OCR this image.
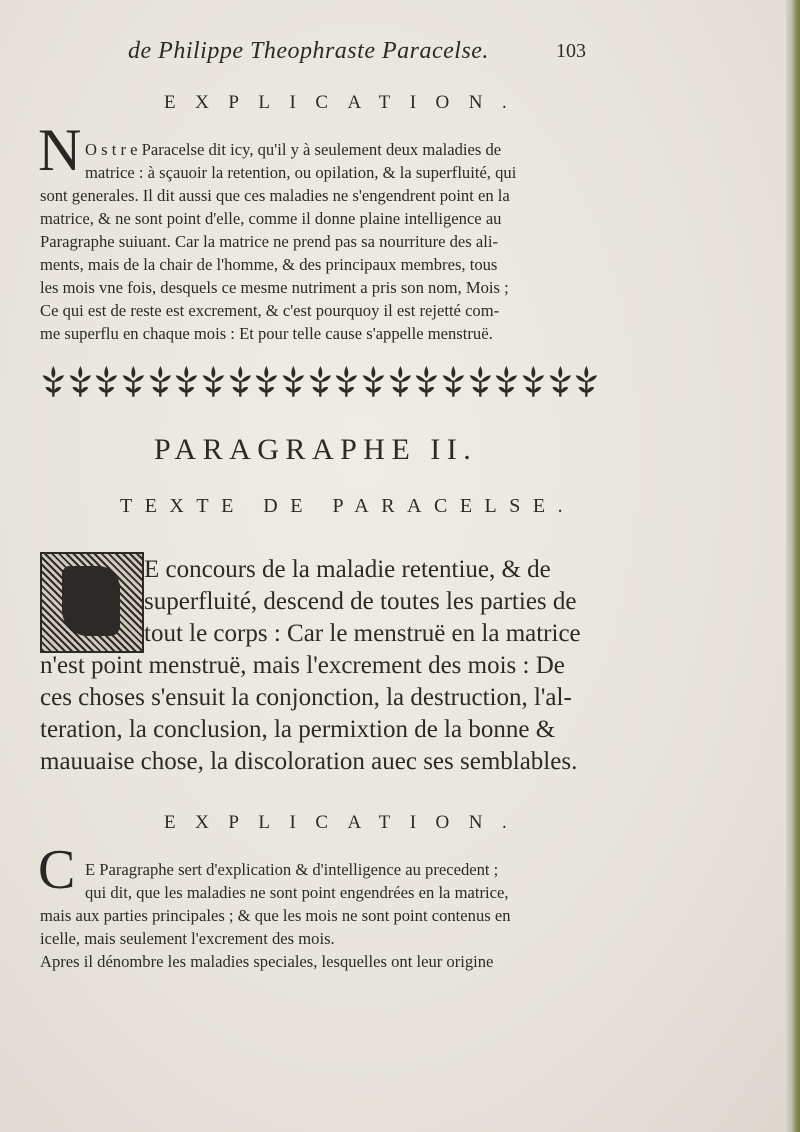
de Philippe Theophraste Paracelse.	103
EXPLICATION.
N O s t r e Paracelse dit icy, qu'il y à seulement deux maladies de
matrice : à sçauoir la retention, ou opilation, & la superfluité, qui
sont generales. Il dit aussi que ces maladies ne s'engendrent point en la
matrice, & ne sont point d'elle, comme il donne plaine intelligence au
Paragraphe suiuant. Car la matrice ne prend pas sa nourriture des ali-
ments, mais de la chair de l'homme, & des principaux membres, tous
les mois vne fois, desquels ce mesme nutriment a pris son nom, Mois ;
Ce qui est de reste est excrement, & c'est pourquoy il est rejetté com-
me superflu en chaque mois : Et pour telle cause s'appelle menstruë.
PARAGRAPHE II.
TEXTE DE PARACELSE.
E concours de la maladie retentiue, & de
superfluité, descend de toutes les parties de
tout le corps : Car le menstruë en la matrice
n'est point menstruë, mais l'excrement des mois : De
ces choses s'ensuit la conjonction, la destruction, l'al-
teration, la conclusion, la permixtion de la bonne &
mauuaise chose, la discoloration auec ses semblables.
EXPLICATION.
C E Paragraphe sert d'explication & d'intelligence au precedent ;
qui dit, que les maladies ne sont point engendrées en la matrice,
mais aux parties principales ; & que les mois ne sont point contenus en
icelle, mais seulement l'excrement des mois.
Apres il dénombre les maladies speciales, lesquelles ont leur origine
